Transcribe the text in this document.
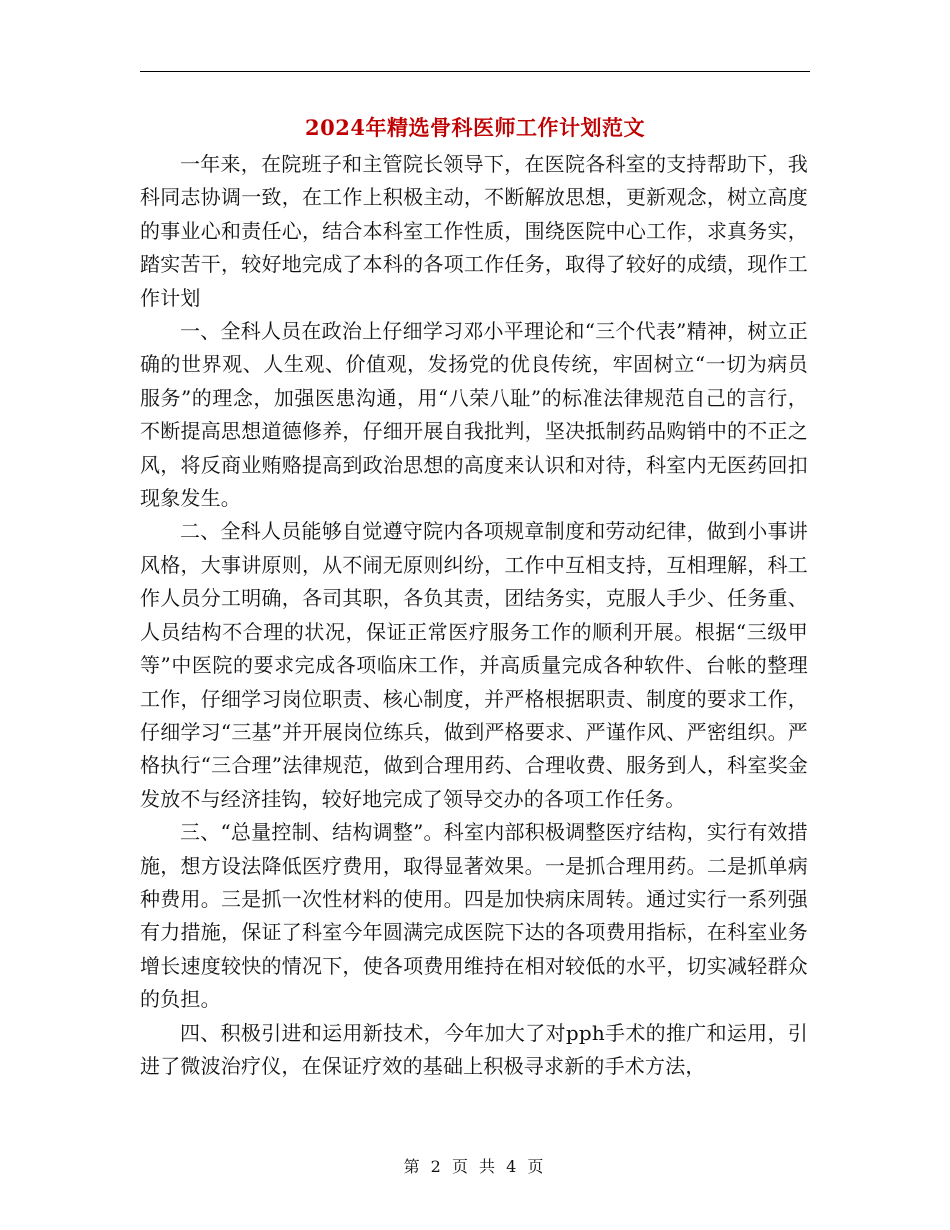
2024年精选骨科医师工作计划范文

一年来，在院班子和主管院长领导下，在医院各科室的支持帮助下，我科同志协调一致，在工作上积极主动，不断解放思想，更新观念，树立高度的事业心和责任心，结合本科室工作性质，围绕医院中心工作，求真务实，踏实苦干，较好地完成了本科的各项工作任务，取得了较好的成绩，现作工作计划

一、全科人员在政治上仔细学习邓小平理论和“三个代表”精神，树立正确的世界观、人生观、价值观，发扬党的优良传统，牢固树立“一切为病员服务”的理念，加强医患沟通，用“八荣八耻”的标准法律规范自己的言行，不断提高思想道德修养，仔细开展自我批判，坚决抵制药品购销中的不正之风，将反商业贿赂提高到政治思想的高度来认识和对待，科室内无医药回扣现象发生。

二、全科人员能够自觉遵守院内各项规章制度和劳动纪律，做到小事讲风格，大事讲原则，从不闹无原则纠纷，工作中互相支持，互相理解，科工作人员分工明确，各司其职，各负其责，团结务实，克服人手少、任务重、人员结构不合理的状况，保证正常医疗服务工作的顺利开展。根据“三级甲等”中医院的要求完成各项临床工作，并高质量完成各种软件、台帐的整理工作，仔细学习岗位职责、核心制度，并严格根据职责、制度的要求工作，仔细学习“三基”并开展岗位练兵，做到严格要求、严谨作风、严密组织。严格执行“三合理”法律规范，做到合理用药、合理收费、服务到人，科室奖金发放不与经济挂钩，较好地完成了领导交办的各项工作任务。

三、“总量控制、结构调整”。科室内部积极调整医疗结构，实行有效措施，想方设法降低医疗费用，取得显著效果。一是抓合理用药。二是抓单病种费用。三是抓一次性材料的使用。四是加快病床周转。通过实行一系列强有力措施，保证了科室今年圆满完成医院下达的各项费用指标，在科室业务增长速度较快的情况下，使各项费用维持在相对较低的水平，切实减轻群众的负担。

四、积极引进和运用新技术，今年加大了对pph手术的推广和运用，引进了微波治疗仪，在保证疗效的基础上积极寻求新的手术方法，

第 2 页 共 4 页
